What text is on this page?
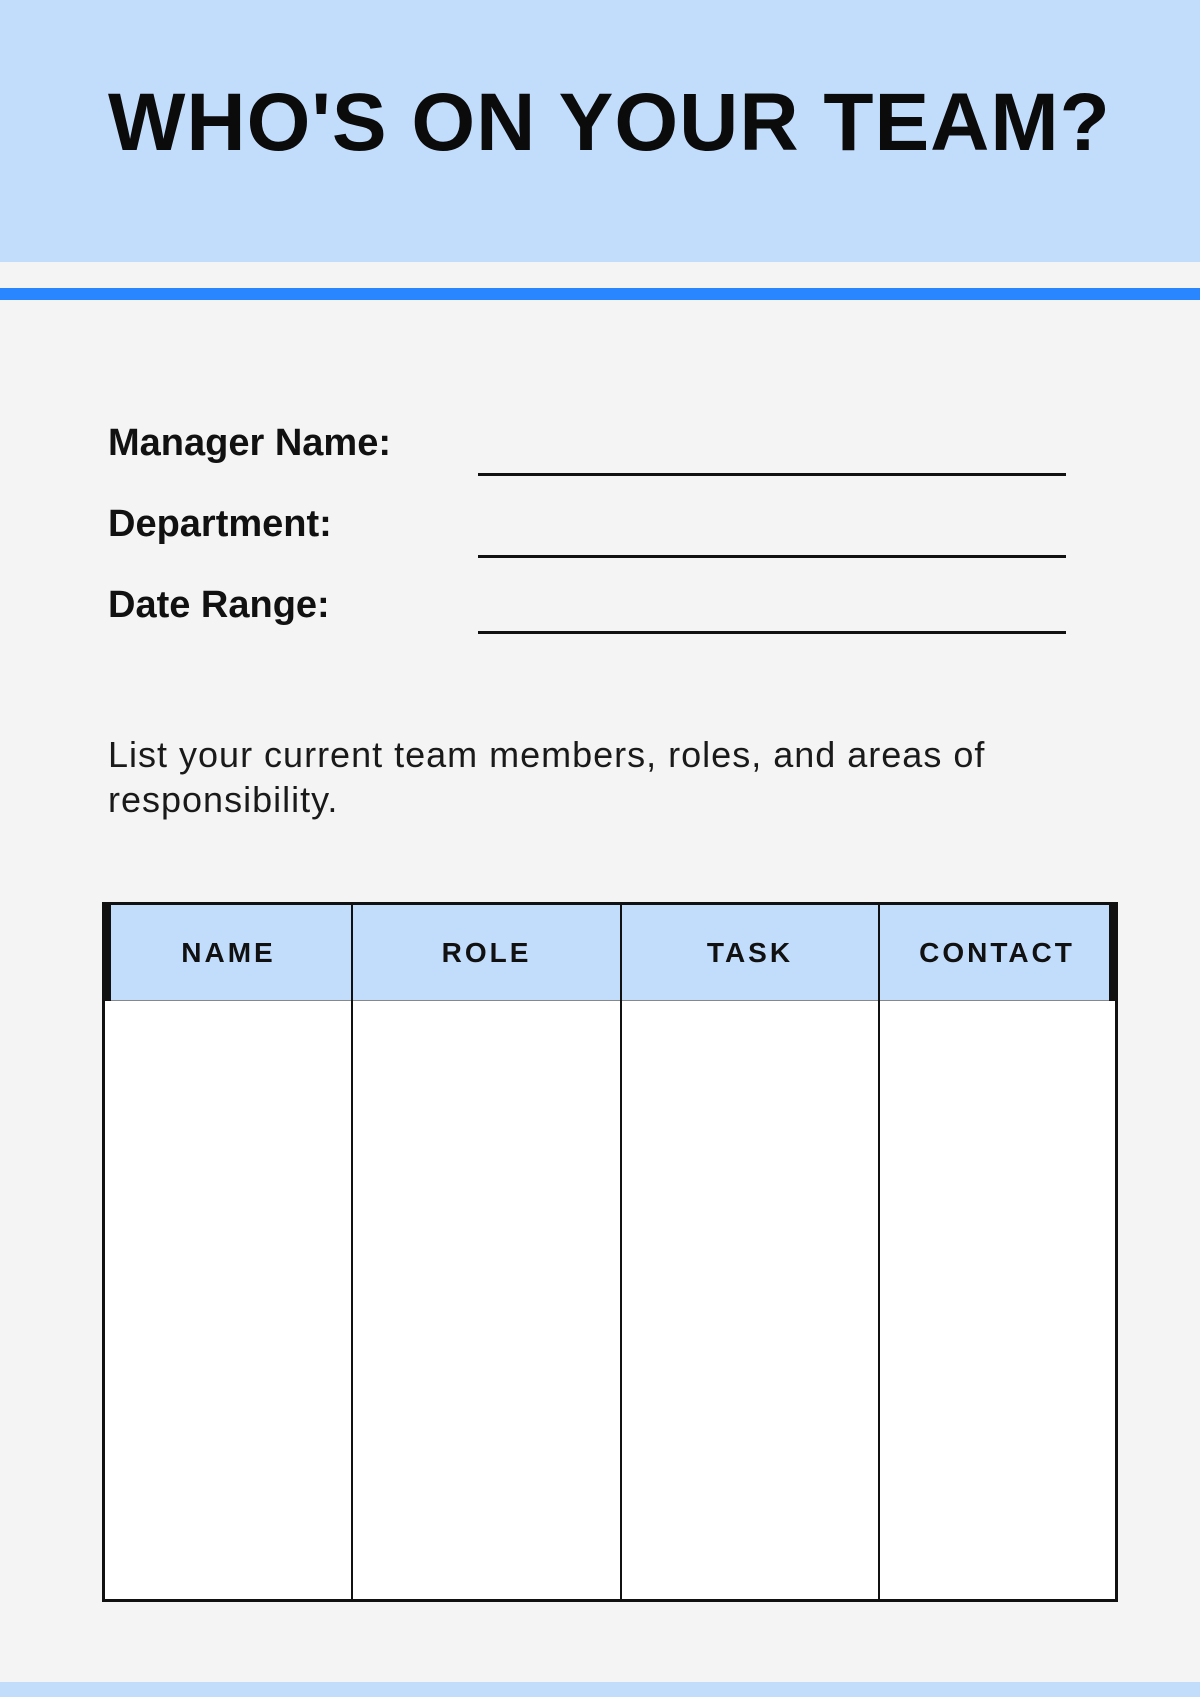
WHO'S ON YOUR TEAM?
Manager Name:
Department:
Date Range:

List your current team members, roles, and areas of responsibility.

NAME	ROLE	TASK	CONTACT
